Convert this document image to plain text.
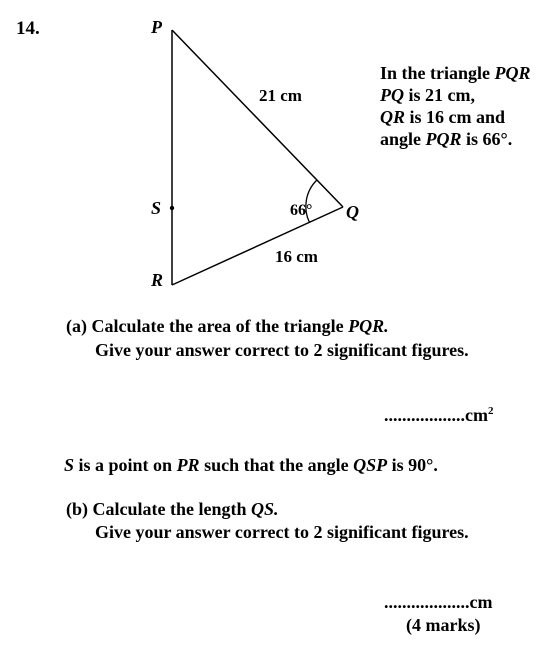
14.	P
Q
R
S
21 cm
16 cm
66°
In the triangle PQR
PQ is 21 cm,
QR is 16 cm and
angle PQR is 66°.
(a) Calculate the area of the triangle PQR.
Give your answer correct to 2 significant figures.
$..................cm^2$
S is a point on PR such that the angle QSP is 90°.
(b) Calculate the length QS.
Give your answer correct to 2 significant figures.
...................cm
(4 marks)
